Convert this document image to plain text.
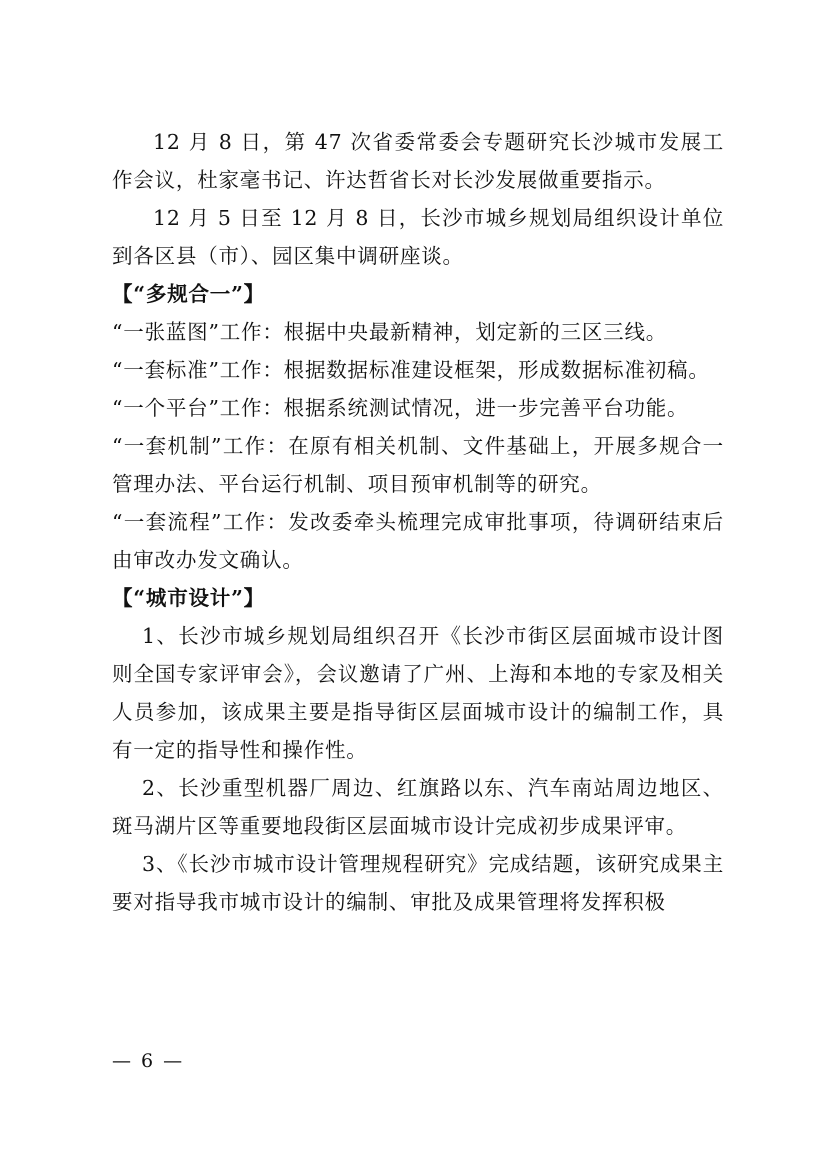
12 月 8 日，第 47 次省委常委会专题研究长沙城市发展工作会议，杜家毫书记、许达哲省长对长沙发展做重要指示。

12 月 5 日至 12 月 8 日，长沙市城乡规划局组织设计单位到各区县（市）、园区集中调研座谈。

【“多规合一”】

“一张蓝图”工作：根据中央最新精神，划定新的三区三线。

“一套标准”工作：根据数据标准建设框架，形成数据标准初稿。

“一个平台”工作：根据系统测试情况，进一步完善平台功能。

“一套机制”工作：在原有相关机制、文件基础上，开展多规合一管理办法、平台运行机制、项目预审机制等的研究。

“一套流程”工作：发改委牵头梳理完成审批事项，待调研结束后由审改办发文确认。

【“城市设计”】

1、长沙市城乡规划局组织召开《长沙市街区层面城市设计图则全国专家评审会》，会议邀请了广州、上海和本地的专家及相关人员参加，该成果主要是指导街区层面城市设计的编制工作，具有一定的指导性和操作性。

2、长沙重型机器厂周边、红旗路以东、汽车南站周边地区、斑马湖片区等重要地段街区层面城市设计完成初步成果评审。

3、《长沙市城市设计管理规程研究》完成结题，该研究成果主要对指导我市城市设计的编制、审批及成果管理将发挥积极

— 6 —
